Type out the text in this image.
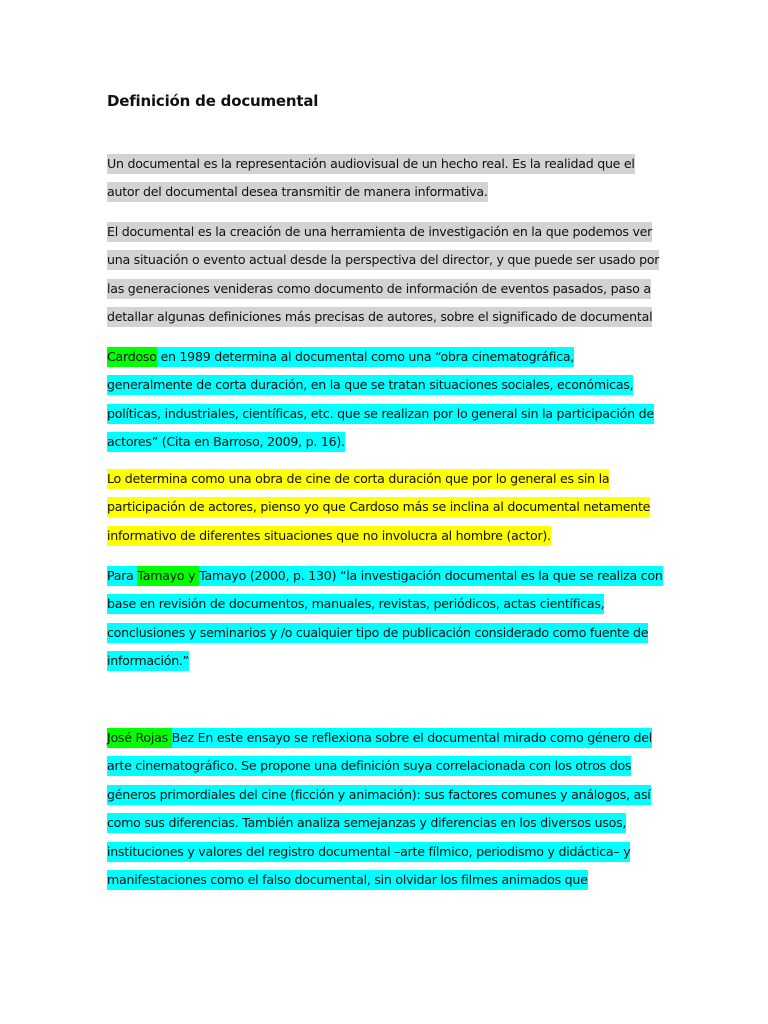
Definición de documental
Un documental es la representación audiovisual de un hecho real. Es la realidad que el
autor del documental desea transmitir de manera informativa.
El documental es la creación de una herramienta de investigación en la que podemos ver
una situación o evento actual desde la perspectiva del director, y que puede ser usado por
las generaciones venideras como documento de información de eventos pasados, paso a
detallar algunas definiciones más precisas de autores, sobre el significado de documental
Cardoso en 1989 determina al documental como una “obra cinematográfica,
generalmente de corta duración, en la que se tratan situaciones sociales, económicas,
políticas, industriales, científicas, etc. que se realizan por lo general sin la participación de
actores” (Cita en Barroso, 2009, p. 16).
Lo determina como una obra de cine de corta duración que por lo general es sin la
participación de actores, pienso yo que Cardoso más se inclina al documental netamente
informativo de diferentes situaciones que no involucra al hombre (actor).
Para Tamayo y Tamayo (2000, p. 130) “la investigación documental es la que se realiza con
base en revisión de documentos, manuales, revistas, periódicos, actas científicas,
conclusiones y seminarios y /o cualquier tipo de publicación considerado como fuente de
información.”
José Rojas Bez En este ensayo se reflexiona sobre el documental mirado como género del
arte cinematográfico. Se propone una definición suya correlacionada con los otros dos
géneros primordiales del cine (ficción y animación): sus factores comunes y análogos, así
como sus diferencias. También analiza semejanzas y diferencias en los diversos usos,
instituciones y valores del registro documental –arte fílmico, periodismo y didáctica– y
manifestaciones como el falso documental, sin olvidar los filmes animados que
